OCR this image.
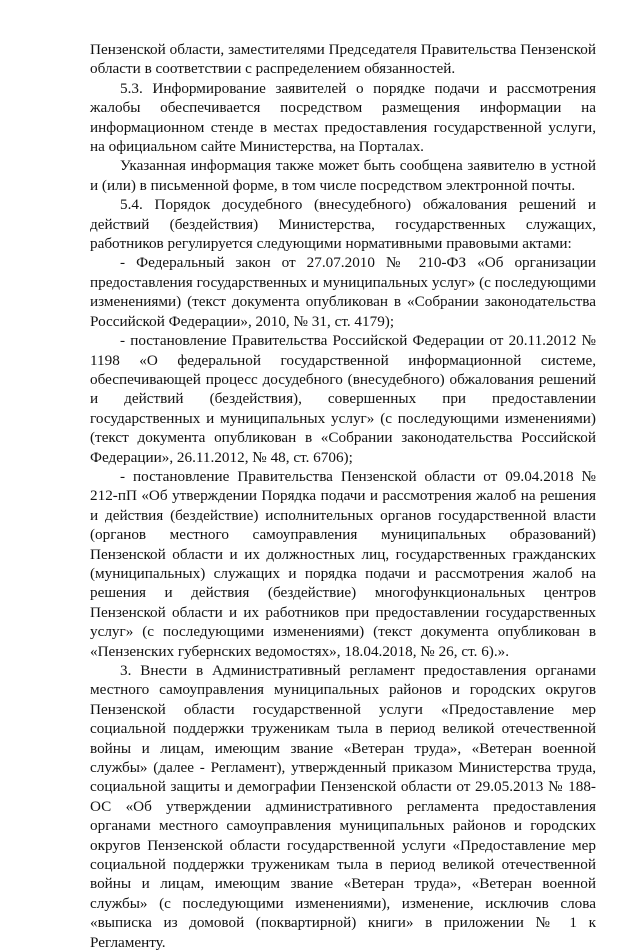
Пензенской области, заместителями Председателя Правительства Пензенской области в соответствии с распределением обязанностей.

5.3. Информирование заявителей о порядке подачи и рассмотрения жалобы обеспечивается посредством размещения информации на информационном стенде в местах предоставления государственной услуги, на официальном сайте Министерства, на Порталах.

Указанная информация также может быть сообщена заявителю в устной и (или) в письменной форме, в том числе посредством электронной почты.

5.4. Порядок досудебного (внесудебного) обжалования решений и действий (бездействия) Министерства, государственных служащих, работников регулируется следующими нормативными правовыми актами:

- Федеральный закон от 27.07.2010 № 210-ФЗ «Об организации предоставления государственных и муниципальных услуг» (с последующими изменениями) (текст документа опубликован в «Собрании законодательства Российской Федерации», 2010, № 31, ст. 4179);

- постановление Правительства Российской Федерации от 20.11.2012 № 1198 «О федеральной государственной информационной системе, обеспечивающей процесс досудебного (внесудебного) обжалования решений и действий (бездействия), совершенных при предоставлении государственных и муниципальных услуг» (с последующими изменениями) (текст документа опубликован в «Собрании законодательства Российской Федерации», 26.11.2012, № 48, ст. 6706);

- постановление Правительства Пензенской области от 09.04.2018 № 212-пП «Об утверждении Порядка подачи и рассмотрения жалоб на решения и действия (бездействие) исполнительных органов государственной власти (органов местного самоуправления муниципальных образований) Пензенской области и их должностных лиц, государственных гражданских (муниципальных) служащих и порядка подачи и рассмотрения жалоб на решения и действия (бездействие) многофункциональных центров Пензенской области и их работников при предоставлении государственных услуг» (с последующими изменениями) (текст документа опубликован в «Пензенских губернских ведомостях», 18.04.2018, № 26, ст. 6).».

3. Внести в Административный регламент предоставления органами местного самоуправления муниципальных районов и городских округов Пензенской области государственной услуги «Предоставление мер социальной поддержки труженикам тыла в период великой отечественной войны и лицам, имеющим звание «Ветеран труда», «Ветеран военной службы» (далее - Регламент), утвержденный приказом Министерства труда, социальной защиты и демографии Пензенской области от 29.05.2013 № 188-ОС «Об утверждении административного регламента предоставления органами местного самоуправления муниципальных районов и городских округов Пензенской области государственной услуги «Предоставление мер социальной поддержки труженикам тыла в период великой отечественной войны и лицам, имеющим звание «Ветеран труда», «Ветеран военной службы» (с последующими изменениями), изменение, исключив слова «выписка из домовой (поквартирной) книги» в приложении № 1 к Регламенту.
